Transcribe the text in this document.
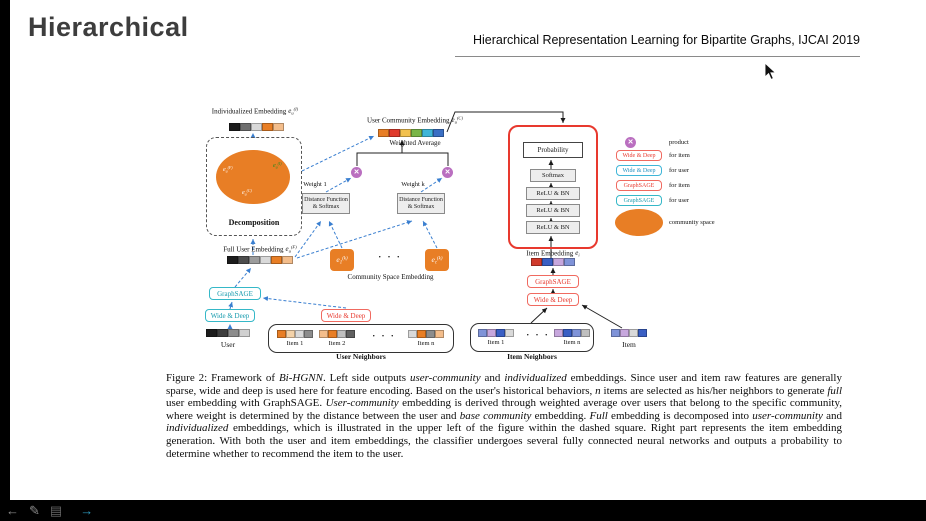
Hierarchical	Hierarchical Representation Learning for Bipartite Graphs, IJCAI 2019
Individualized Embedding $e_u^{(I)}$
$e_u^{(I)}$
$e_u^{(F)}$
$e_u^{(C)}$
Decomposition
User Community Embedding $e_u^{(C)}$
Weighted Average
Weight 1	Weight k
✕	✕
Distance Function
& Softmax
Distance Function
& Softmax
Full User Embedding $e_u^{(F)}$
$e_1^{(k)}$	· · ·	$e_c^{(k)}$
Community Space Embedding
GraphSAGE
Wide & Deep	Wide & Deep
User	Item 1	Item 2
· · ·
Item n
User Neighbors
Probability
Softmax
ReLU & BN
ReLU & BN
ReLU & BN
Item Embedding $e_i$
GraphSAGE
Wide & Deep
Item 1
· · ·
Item n
Item Neighbors
Item
✕	product
Wide & Deep	for item
Wide & Deep	for user
GraphSAGE	for item
GraphSAGE	for user
community space

Figure 2: Framework of Bi-HGNN. Left side outputs user-community and individualized embeddings. Since user and item raw features are generally sparse, wide and deep is used here for feature encoding. Based on the user's historical behaviors, n items are selected as his/her neighbors to generate full user embedding with GraphSAGE. User-community embedding is derived through weighted average over users that belong to the specific community, where weight is determined by the distance between the user and base community embedding. Full embedding is decomposed into user-community and individualized embeddings, which is illustrated in the upper left of the figure within the dashed square. Right part represents the item embedding generation. With both the user and item embeddings, the classifier undergoes several fully connected neural networks and outputs a probability to determine whether to recommend the item to the user.

← ✎ ▤ →
